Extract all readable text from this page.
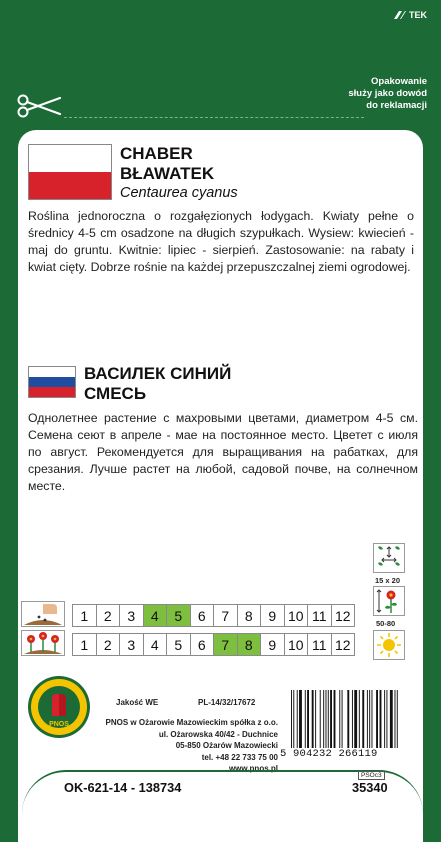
TEK
Opakowanie
służy jako dowód
do reklamacji
CHABER
BŁAWATEK
Centaurea cyanus

Roślina jednoroczna o rozgałęzionych łodygach. Kwiaty pełne o średnicy 4-5 cm osadzone na długich szypułkach. Wysiew: kwiecień - maj do gruntu. Kwitnie: lipiec - sierpień. Zastosowanie: na rabaty i kwiat cięty. Dobrze rośnie na każdej przepuszczalnej ziemi ogrodowej.

ВАСИЛЕК СИНИЙ
СМЕСЬ

Однолетнее растение с махровыми цветами, диаметром 4-5 см. Семена сеют в апреле - мае на постоянное место. Цветет с июля по август. Рекомендуется для выращивания на рабатках, для срезания. Лучше растет на любой, садовой почве, на солнечном месте.

15 x 20
50-80
1	2	3	4	5	6	7	8	9 10 11 12
1	2	3	4	5	6	7	8	9 10 11 12
Jakość WE	PL-14/32/17672
PNOS	PNOS w Ożarowie Mazowieckim spółka z o.o.
ul. Ożarowska 40/42 - Duchnice
05-850 Ożarów Mazowiecki
tel. +48 22 733 75 00
www.pnos.pl
5 904232 266119
OK-621-14 - 138734
PSOc3
35340
